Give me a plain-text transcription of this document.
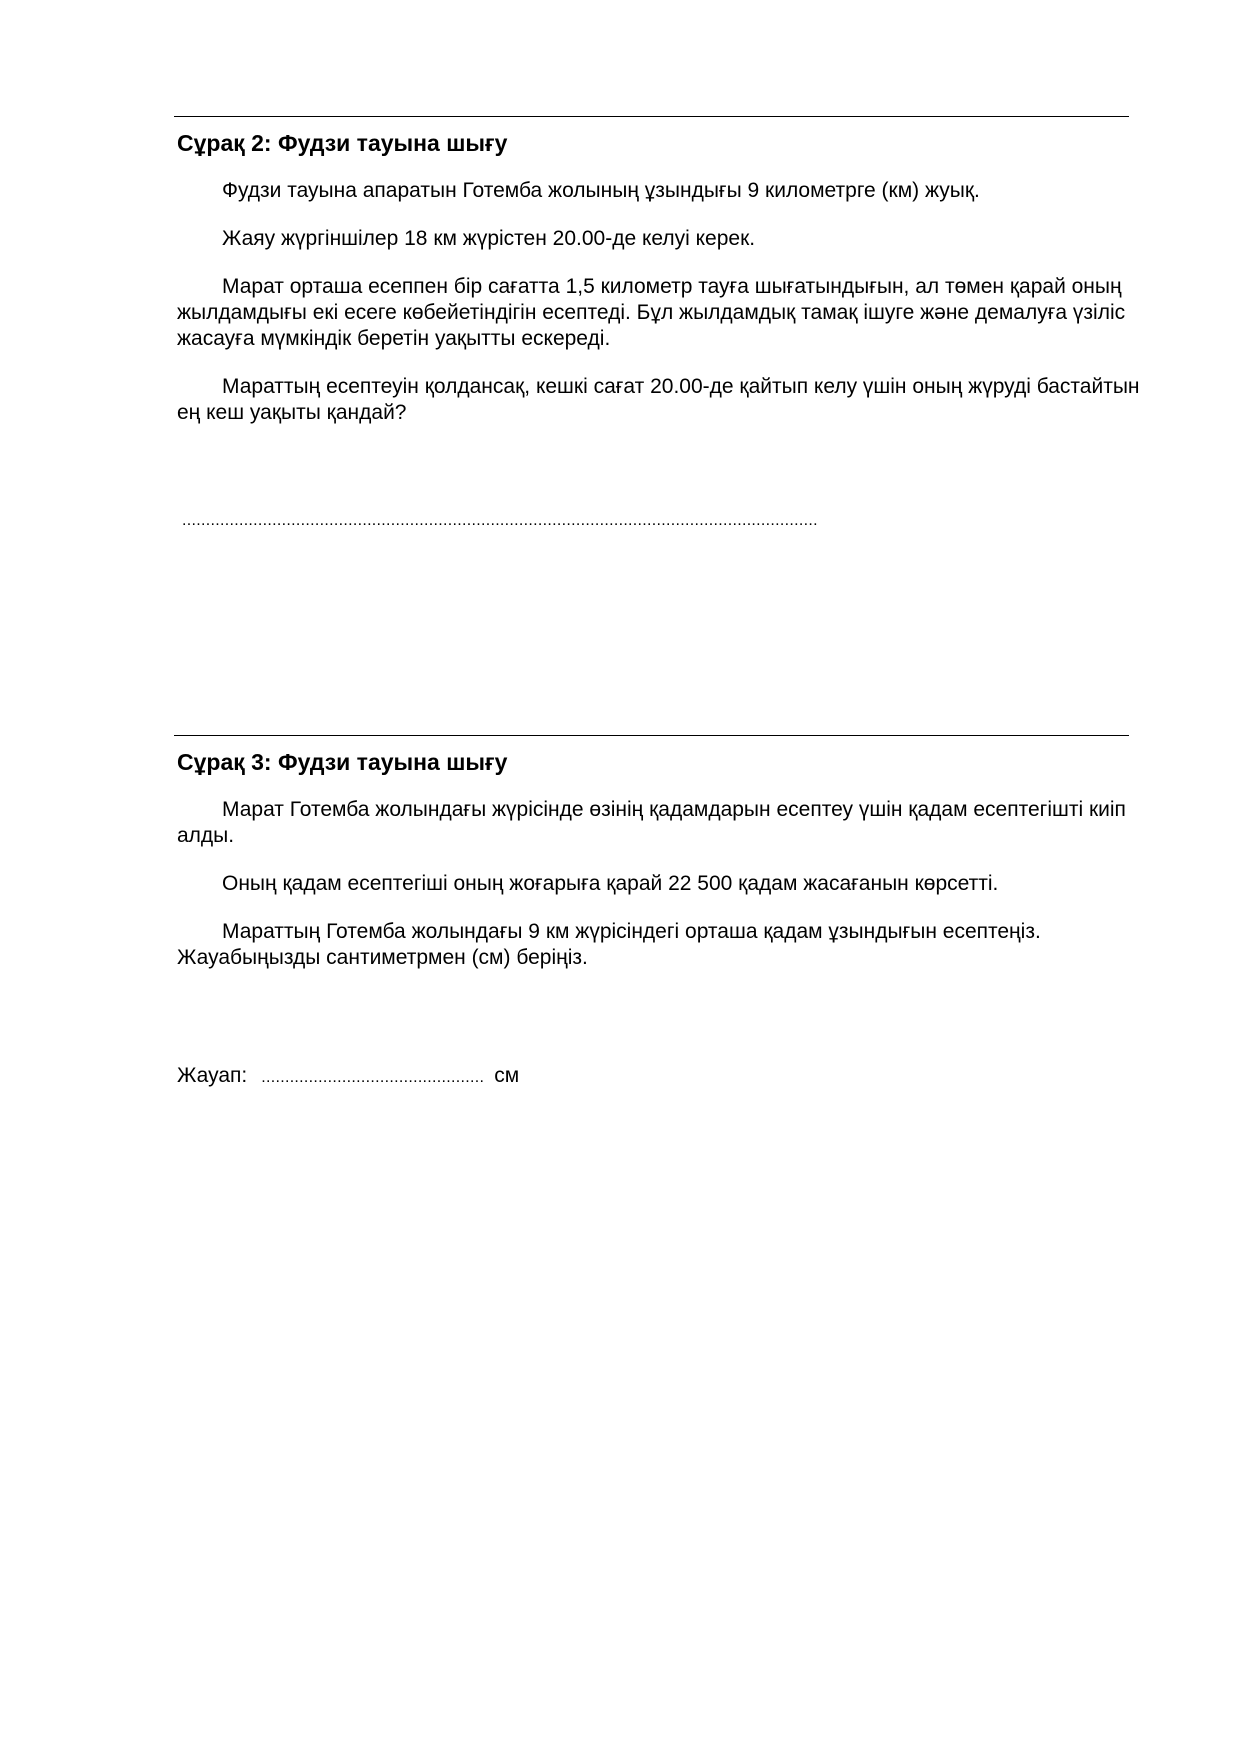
Сұрақ 2: Фудзи тауына шығу

Фудзи тауына апаратын Готемба жолының ұзындығы 9 километрге (км) жуық.

Жаяу жүргіншілер 18 км жүрістен 20.00-де келуі керек.

Марат орташа есеппен бір сағатта 1,5 километр тауға шығатындығын, ал төмен қарай оның жылдамдығы екі есеге көбейетіндігін есептеді. Бұл жылдамдық тамақ ішуге және демалуға үзіліс жасауға мүмкіндік беретін уақытты ескереді.

Мараттың есептеуін қолдансақ, кешкі сағат 20.00-де қайтып келу үшін оның жүруді бастайтын ең кеш уақыты қандай?

......................................................................................................................................
Сұрақ 3: Фудзи тауына шығу

Марат Готемба жолындағы жүрісінде өзінің қадамдарын есептеу үшін қадам есептегішті киіп алды.

Оның қадам есептегіші оның жоғарыға қарай 22 500 қадам жасағанын көрсетті.

Мараттың Готемба жолындағы 9 км жүрісіндегі орташа қадам ұзындығын есептеңіз. Жауабыңызды сантиметрмен (см) беріңіз.

Жауап: ............................................... см
